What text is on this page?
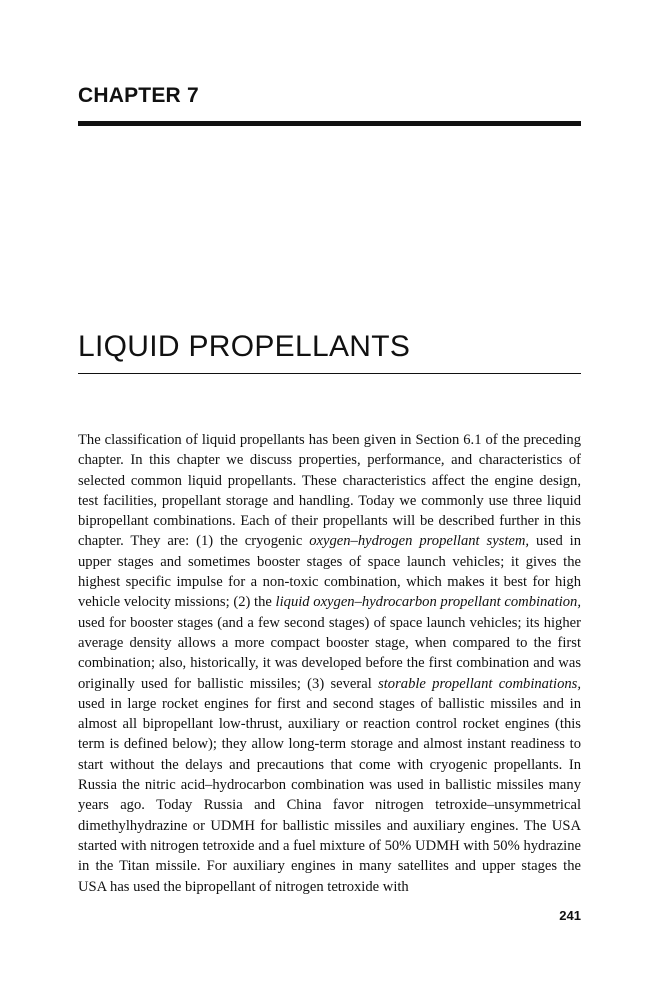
CHAPTER 7
LIQUID PROPELLANTS

The classification of liquid propellants has been given in Section 6.1 of the preceding chapter. In this chapter we discuss properties, performance, and characteristics of selected common liquid propellants. These characteristics affect the engine design, test facilities, propellant storage and handling. Today we commonly use three liquid bipropellant combinations. Each of their propellants will be described further in this chapter. They are: (1) the cryogenic oxygen–hydrogen propellant system, used in upper stages and sometimes booster stages of space launch vehicles; it gives the highest specific impulse for a non-toxic combination, which makes it best for high vehicle velocity missions; (2) the liquid oxygen–hydrocarbon propellant combination, used for booster stages (and a few second stages) of space launch vehicles; its higher average density allows a more compact booster stage, when compared to the first combination; also, historically, it was developed before the first combination and was originally used for ballistic missiles; (3) several storable propellant combinations, used in large rocket engines for first and second stages of ballistic missiles and in almost all bipropellant low-thrust, auxiliary or reaction control rocket engines (this term is defined below); they allow long-term storage and almost instant readiness to start without the delays and precautions that come with cryogenic propellants. In Russia the nitric acid–hydrocarbon combination was used in ballistic missiles many years ago. Today Russia and China favor nitrogen tetroxide–unsymmetrical dimethylhydrazine or UDMH for ballistic missiles and auxiliary engines. The USA started with nitrogen tetroxide and a fuel mixture of 50% UDMH with 50% hydrazine in the Titan missile. For auxiliary engines in many satellites and upper stages the USA has used the bipropellant of nitrogen tetroxide with

241
